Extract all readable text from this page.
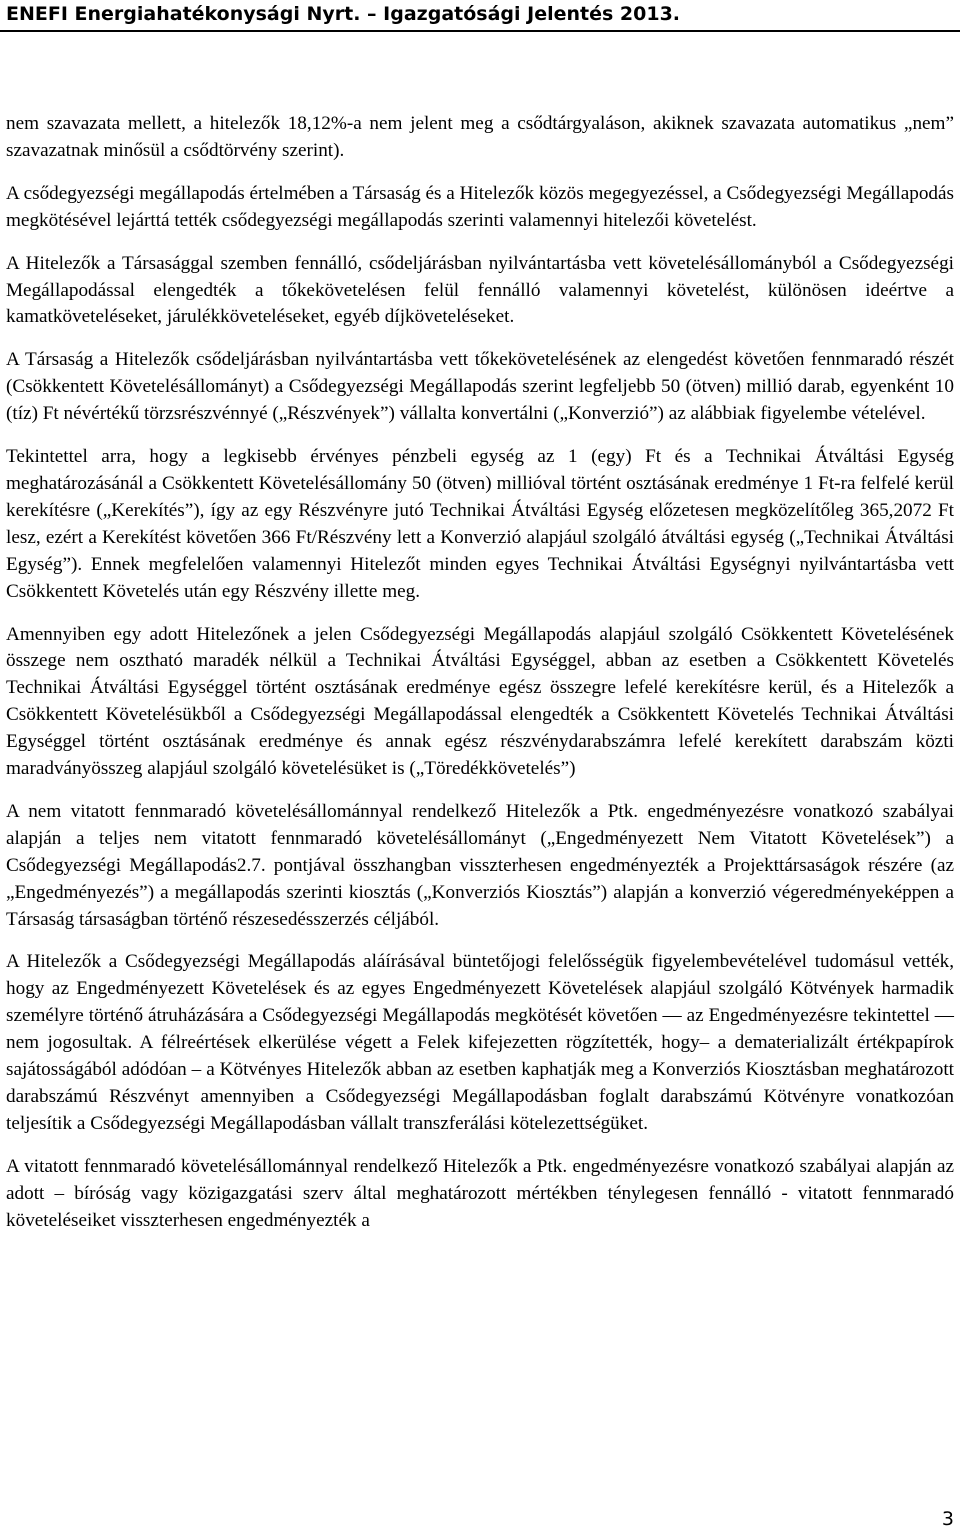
ENEFI Energiahatékonysági Nyrt. – Igazgatósági Jelentés 2013.

nem szavazata mellett, a hitelezők 18,12%-a nem jelent meg a csődtárgyaláson, akiknek szavazata automatikus „nem” szavazatnak minősül a csődtörvény szerint).

A csődegyezségi megállapodás értelmében a Társaság és a Hitelezők közös megegyezéssel, a Csődegyezségi Megállapodás megkötésével lejárttá tették csődegyezségi megállapodás szerinti valamennyi hitelezői követelést.

A Hitelezők a Társasággal szemben fennálló, csődeljárásban nyilvántartásba vett követelésállományból a Csődegyezségi Megállapodással elengedték a tőkekövetelésen felül fennálló valamennyi követelést, különösen ideértve a kamatköveteléseket, járulékköveteléseket, egyéb díjköveteléseket.

A Társaság a Hitelezők csődeljárásban nyilvántartásba vett tőkekövetelésének az elengedést követően fennmaradó részét (Csökkentett Követelésállományt) a Csődegyezségi Megállapodás szerint legfeljebb 50 (ötven) millió darab, egyenként 10 (tíz) Ft névértékű törzsrészvénnyé („Részvények”) vállalta konvertálni („Konverzió”) az alábbiak figyelembe vételével.

Tekintettel arra, hogy a legkisebb érvényes pénzbeli egység az 1 (egy) Ft és a Technikai Átváltási Egység meghatározásánál a Csökkentett Követelésállomány 50 (ötven) millióval történt osztásának eredménye 1 Ft-ra felfelé kerül kerekítésre („Kerekítés”), így az egy Részvényre jutó Technikai Átváltási Egység előzetesen megközelítőleg 365,2072 Ft lesz, ezért a Kerekítést követően 366 Ft/Részvény lett a Konverzió alapjául szolgáló átváltási egység („Technikai Átváltási Egység”). Ennek megfelelően valamennyi Hitelezőt minden egyes Technikai Átváltási Egységnyi nyilvántartásba vett Csökkentett Követelés után egy Részvény illette meg.

Amennyiben egy adott Hitelezőnek a jelen Csődegyezségi Megállapodás alapjául szolgáló Csökkentett Követelésének összege nem osztható maradék nélkül a Technikai Átváltási Egységgel, abban az esetben a Csökkentett Követelés Technikai Átváltási Egységgel történt osztásának eredménye egész összegre lefelé kerekítésre kerül, és a Hitelezők a Csökkentett Követelésükből a Csődegyezségi Megállapodással elengedték a Csökkentett Követelés Technikai Átváltási Egységgel történt osztásának eredménye és annak egész részvénydarabszámra lefelé kerekített darabszám közti maradványösszeg alapjául szolgáló követelésüket is („Töredékkövetelés”)

A nem vitatott fennmaradó követelésállománnyal rendelkező Hitelezők a Ptk. engedményezésre vonatkozó szabályai alapján a teljes nem vitatott fennmaradó követelésállományt („Engedményezett Nem Vitatott Követelések”) a Csődegyezségi Megállapodás2.7. pontjával összhangban visszterhesen engedményezték a Projekttársaságok részére (az „Engedményezés”) a megállapodás szerinti kiosztás („Konverziós Kiosztás”) alapján a konverzió végeredményeképpen a Társaság társaságban történő részesedésszerzés céljából.

A Hitelezők a Csődegyezségi Megállapodás aláírásával büntetőjogi felelősségük figyelembevételével tudomásul vették, hogy az Engedményezett Követelések és az egyes Engedményezett Követelések alapjául szolgáló Kötvények harmadik személyre történő átruházására a Csődegyezségi Megállapodás megkötését követően — az Engedményezésre tekintettel — nem jogosultak. A félreértések elkerülése végett a Felek kifejezetten rögzítették, hogy– a dematerializált értékpapírok sajátosságából adódóan – a Kötvényes Hitelezők abban az esetben kaphatják meg a Konverziós Kiosztásban meghatározott darabszámú Részvényt amennyiben a Csődegyezségi Megállapodásban foglalt darabszámú Kötvényre vonatkozóan teljesítik a Csődegyezségi Megállapodásban vállalt transzferálási kötelezettségüket.

A vitatott fennmaradó követelésállománnyal rendelkező Hitelezők a Ptk. engedményezésre vonatkozó szabályai alapján az adott – bíróság vagy közigazgatási szerv által meghatározott mértékben ténylegesen fennálló - vitatott fennmaradó követeléseiket visszterhesen engedményezték a

3
